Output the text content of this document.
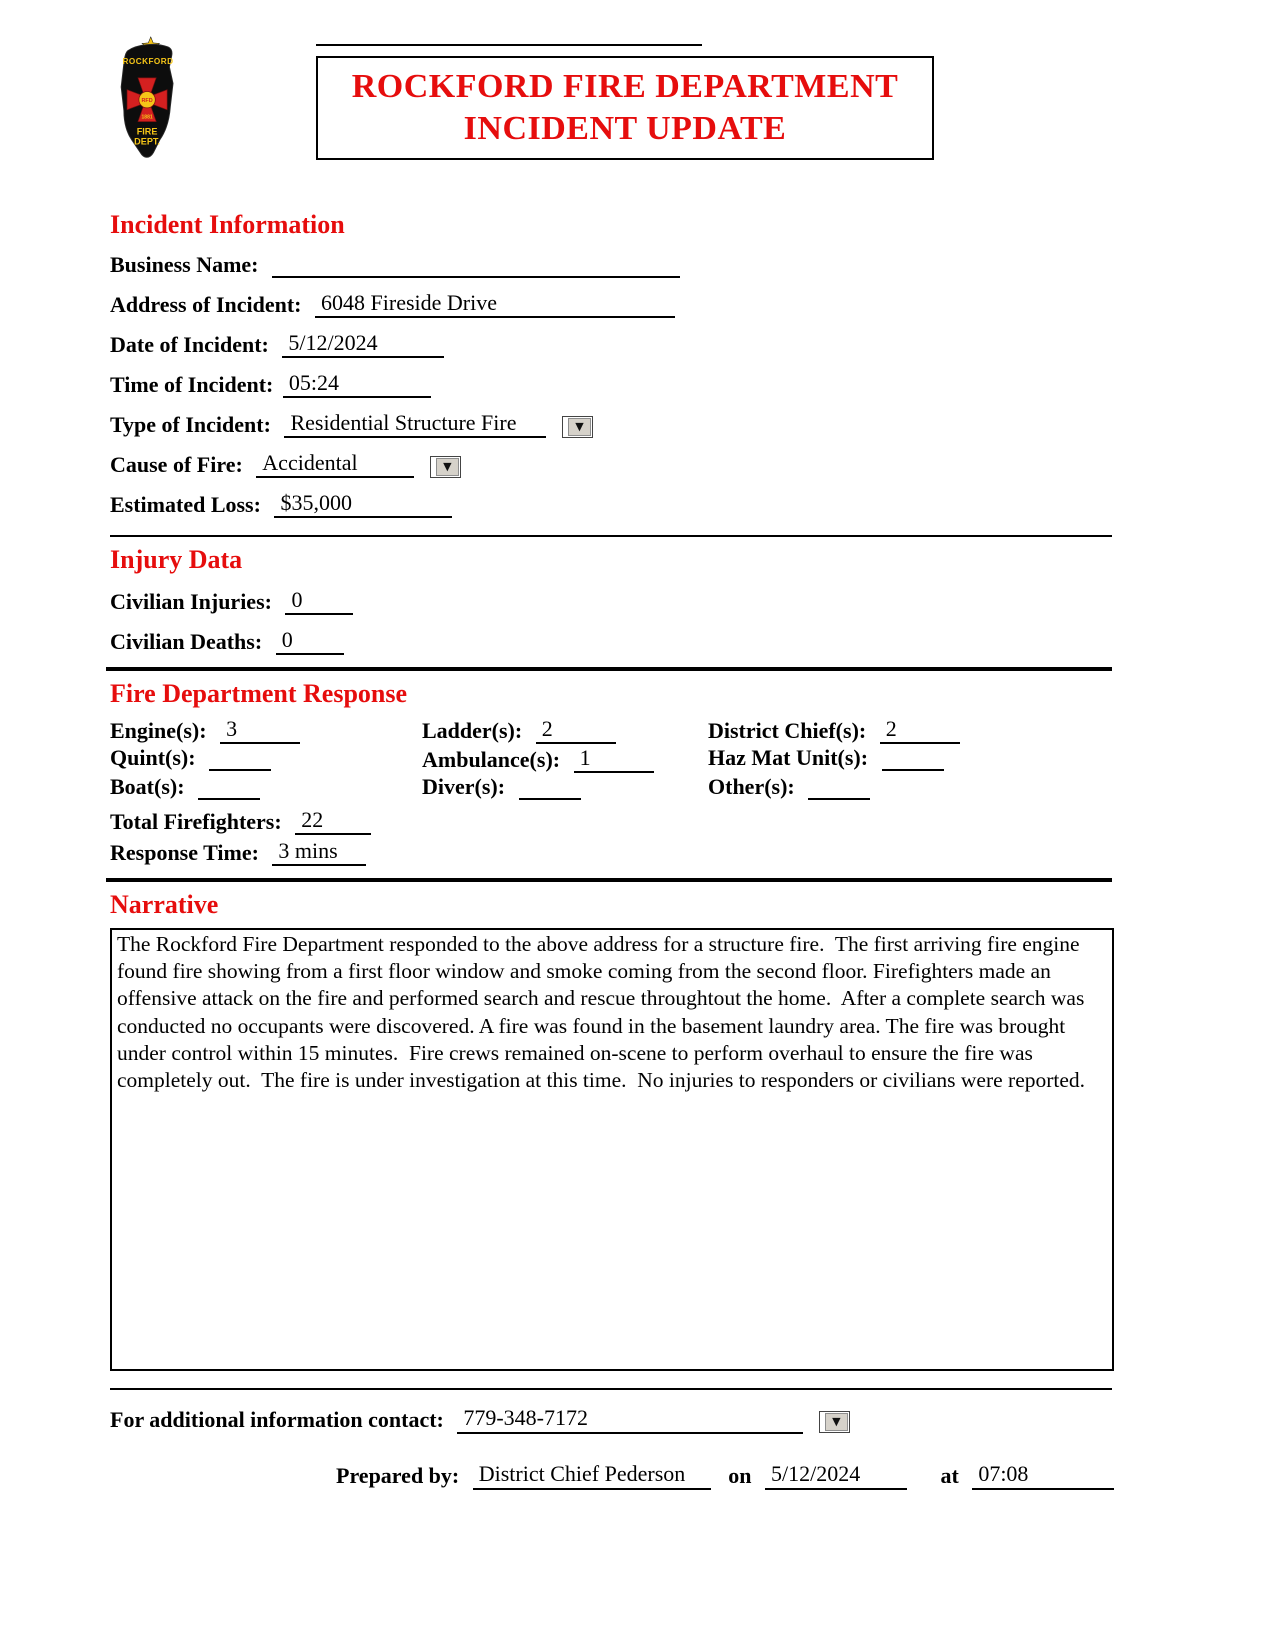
ROCKFORD
RFD
1881
FIRE
DEPT.
ROCKFORD FIRE DEPARTMENT
INCIDENT UPDATE
Incident Information
Business Name:
Address of Incident: 6048 Fireside Drive
Date of Incident: 5/12/2024
Time of Incident: 05:24
Type of Incident: Residential Structure Fire	▼
Cause of Fire: Accidental	▼
Estimated Loss: $35,000
Injury Data
Civilian Injuries: 0
Civilian Deaths: 0
Fire Department Response
Engine(s): 3	Ladder(s): 2	District Chief(s): 2
Quint(s):	Ambulance(s): 1	Haz Mat Unit(s):
Boat(s):	Diver(s):	Other(s):
Total Firefighters: 22
Response Time: 3 mins
Narrative
The Rockford Fire Department responded to the above address for a structure fire.  The first arriving fire engine found fire showing from a first floor window and smoke coming from the second floor. Firefighters made an offensive attack on the fire and performed search and rescue throughtout the home.  After a complete search was conducted no occupants were discovered. A fire was found in the basement laundry area. The fire was brought under control within 15 minutes.  Fire crews remained on-scene to perform overhaul to ensure the fire was completely out.  The fire is under investigation at this time.  No injuries to responders or civilians were reported.
For additional information contact: 779-348-7172	▼
Prepared by: District Chief Pederson on 5/12/2024	at 07:08
